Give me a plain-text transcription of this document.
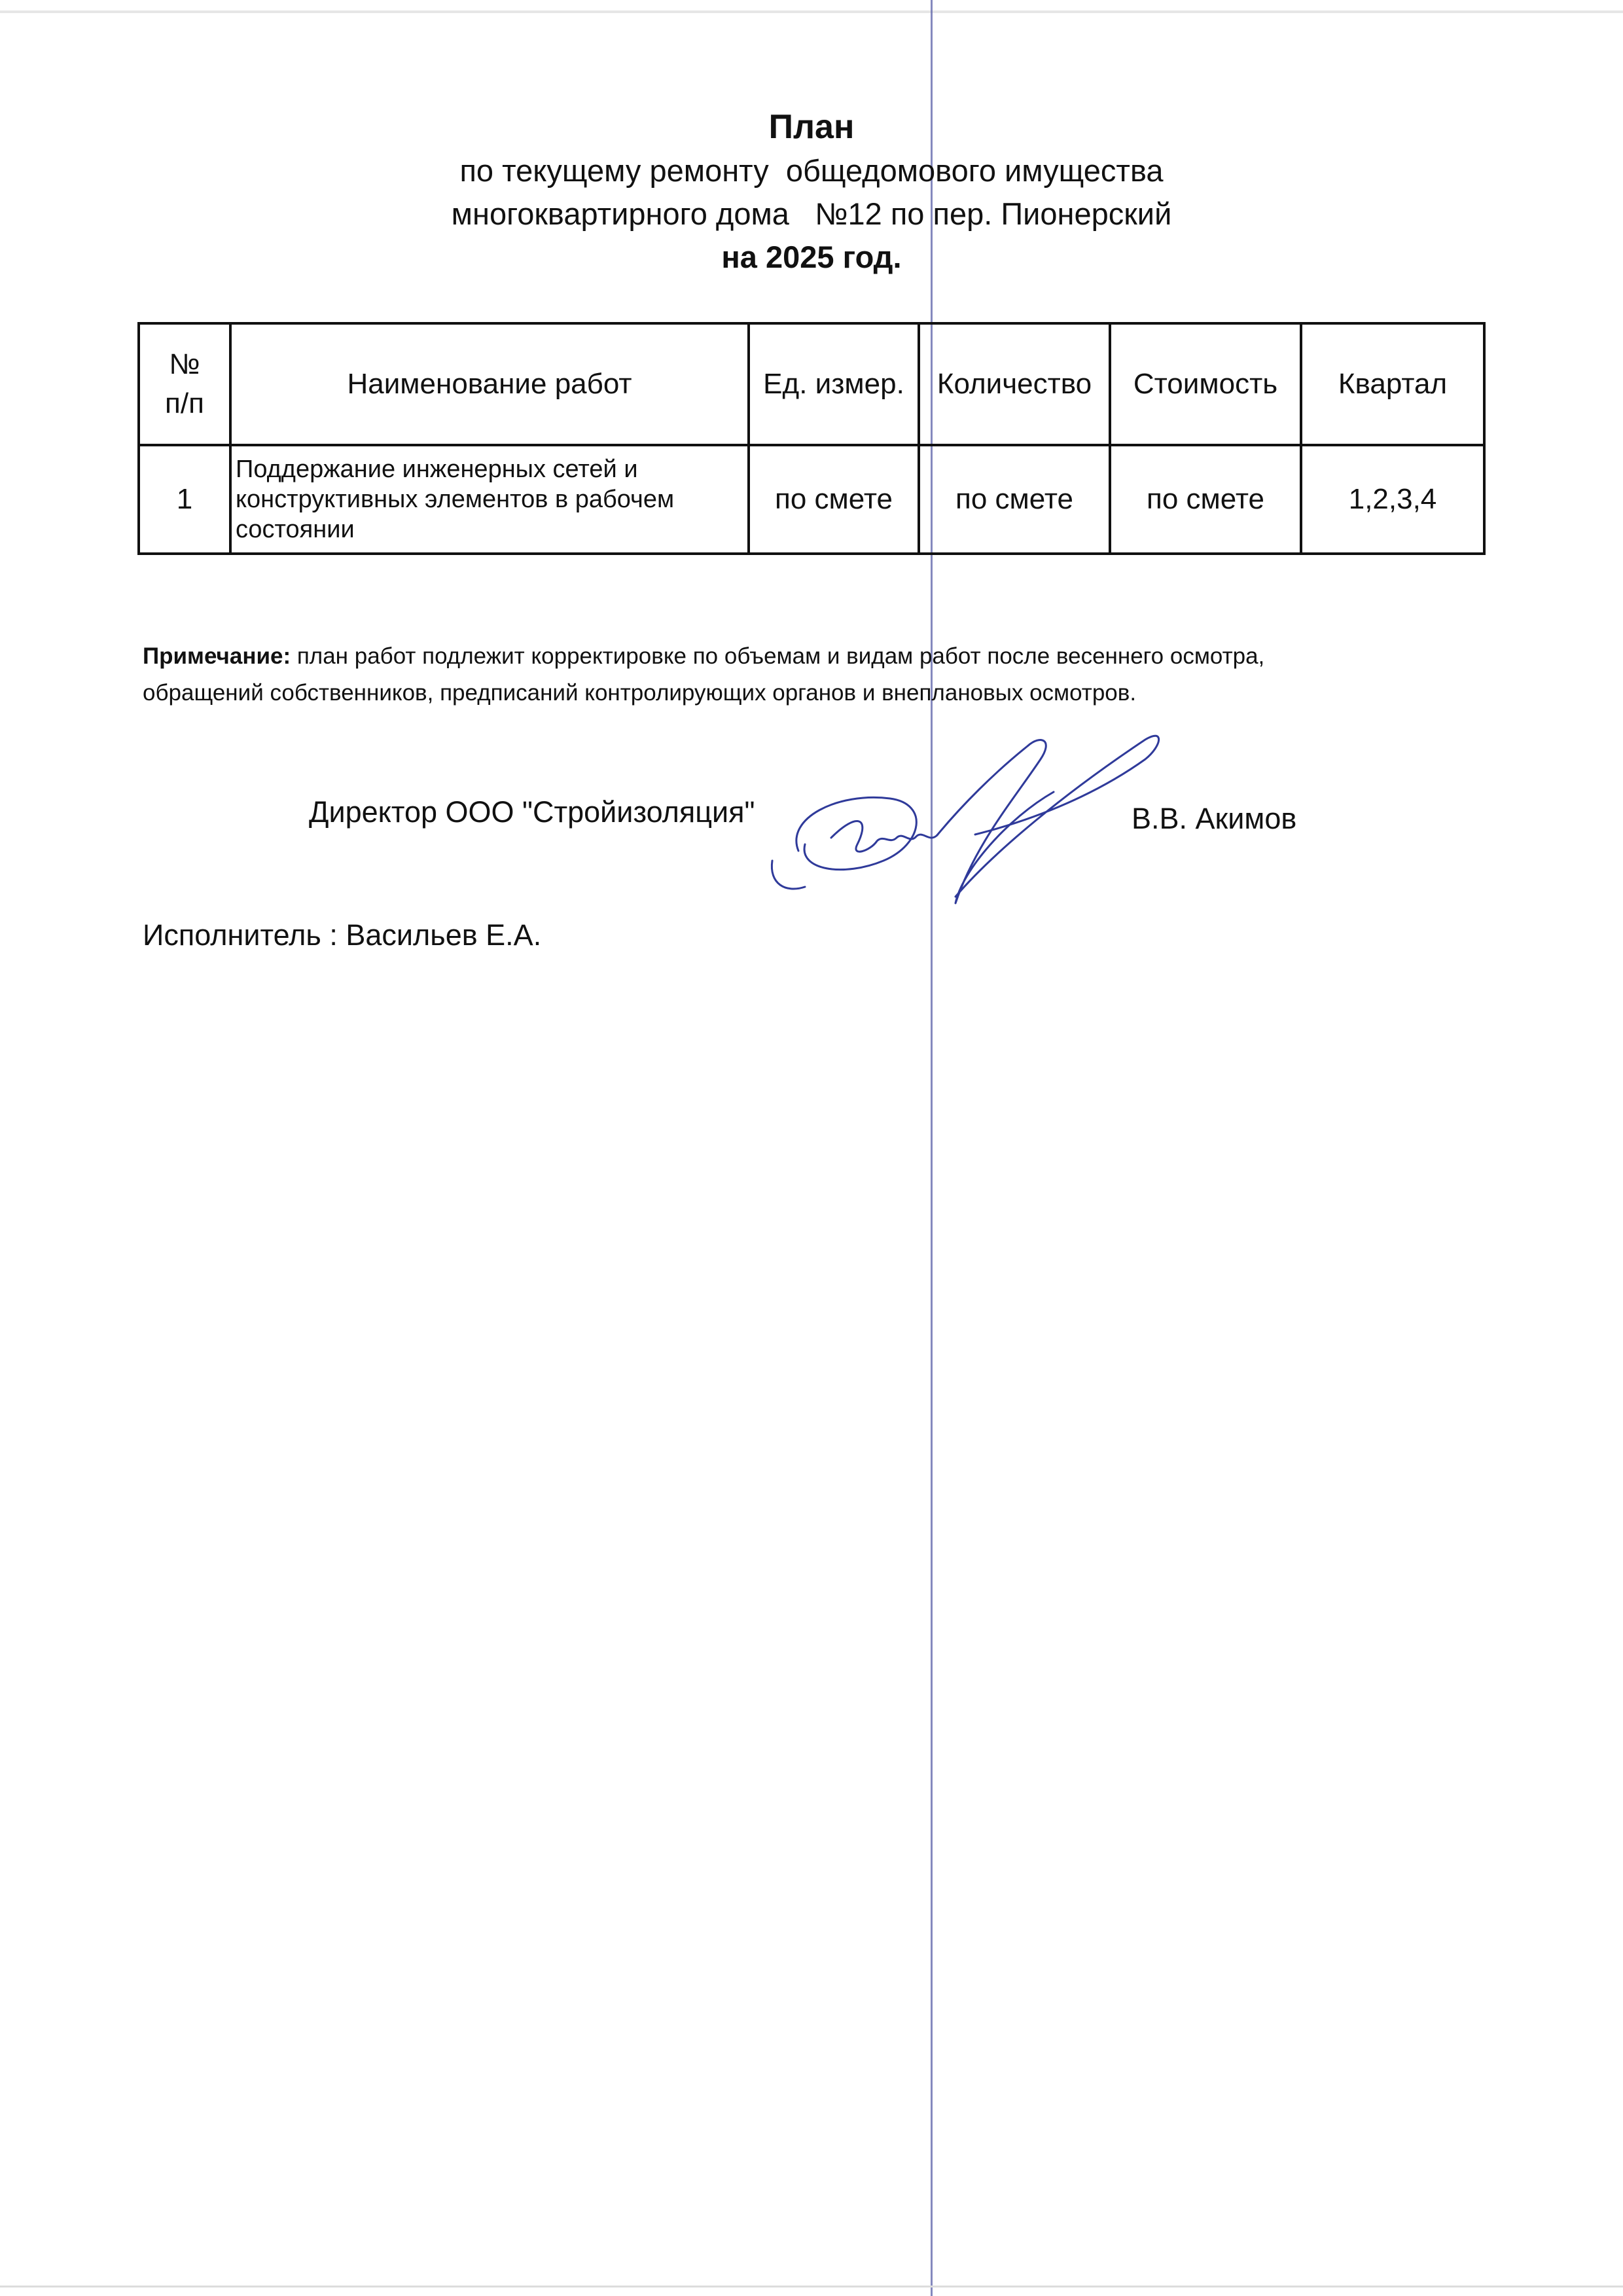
План
по текущему ремонту  общедомового имущества
многоквартирного дома   №12 по пер. Пионерский
на 2025 год.
№
п/п	Наименование работ	Ед. измер.	Количество	Стоимость	Квартал
1	Поддержание инженерных сетей и
конструктивных элементов в рабочем
состоянии	по смете	по смете	по смете	1,2,3,4
Примечание: план работ подлежит корректировке по объемам и видам работ после весеннего осмотра,
обращений собственников, предписаний контролирующих органов и внеплановых осмотров.
Директор ООО "Стройизоляция"	В.В. Акимов
Исполнитель : Васильев Е.А.
